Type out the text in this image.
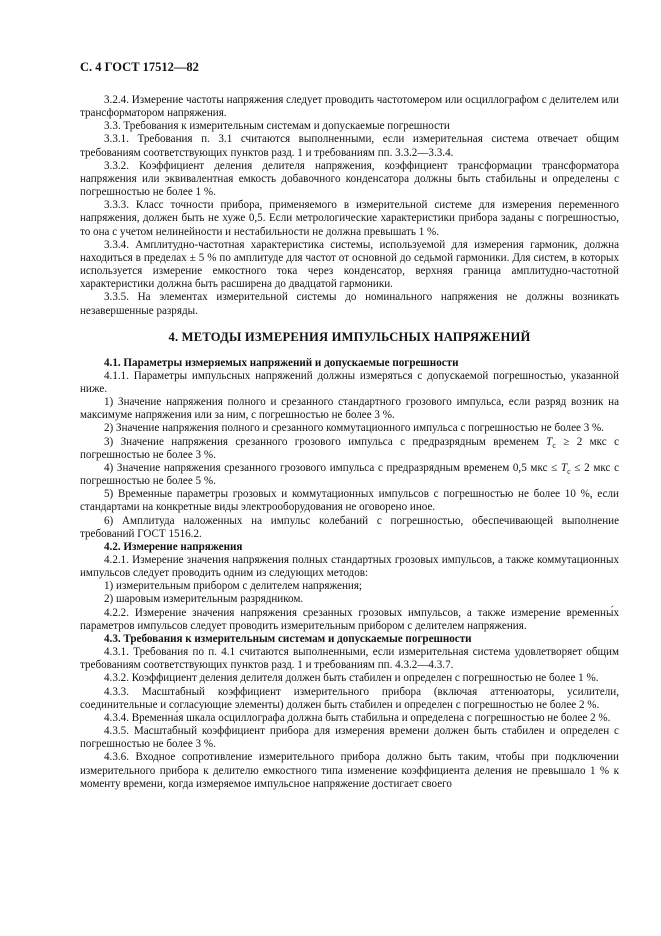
С. 4 ГОСТ 17512—82

3.2.4. Измерение частоты напряжения следует проводить частотомером или осциллографом с делителем или трансформатором напряжения.

3.3. Требования к измерительным системам и допускаемые погрешности

3.3.1. Требования п. 3.1 считаются выполненными, если измерительная система отвечает общим требованиям соответствующих пунктов разд. 1 и требованиям пп. 3.3.2—3.3.4.

3.3.2. Коэффициент деления делителя напряжения, коэффициент трансформации трансформатора напряжения или эквивалентная емкость добавочного конденсатора должны быть стабильны и определены с погрешностью не более 1 %.

3.3.3. Класс точности прибора, применяемого в измерительной системе для измерения переменного напряжения, должен быть не хуже 0,5. Если метрологические характеристики прибора заданы с погрешностью, то она с учетом нелинейности и нестабильности не должна превышать 1 %.

3.3.4. Амплитудно-частотная характеристика системы, используемой для измерения гармоник, должна находиться в пределах ± 5 % по амплитуде для частот от основной до седьмой гармоники. Для систем, в которых используется измерение емкостного тока через конденсатор, верхняя граница амплитудно-частотной характеристики должна быть расширена до двадцатой гармоники.

3.3.5. На элементах измерительной системы до номинального напряжения не должны возникать незавершенные разряды.

4. МЕТОДЫ ИЗМЕРЕНИЯ ИМПУЛЬСНЫХ НАПРЯЖЕНИЙ

4.1. Параметры измеряемых напряжений и допускаемые погрешности

4.1.1. Параметры импульсных напряжений должны измеряться с допускаемой погрешностью, указанной ниже.

1) Значение напряжения полного и срезанного стандартного грозового импульса, если разряд возник на максимуме напряжения или за ним, с погрешностью не более 3 %.

2) Значение напряжения полного и срезанного коммутационного импульса с погрешностью не более 3 %.

3) Значение напряжения срезанного грозового импульса с предразрядным временем $T_c \ge 2$ мкс с погрешностью не более 3 %.

4) Значение напряжения срезанного грозового импульса с предразрядным временем 0,5 мкс ≤ $T_c \le 2$ мкс с погрешностью не более 5 %.

5) Временные параметры грозовых и коммутационных импульсов с погрешностью не более 10 %, если стандартами на конкретные виды электрооборудования не оговорено иное.

6) Амплитуда наложенных на импульс колебаний с погрешностью, обеспечивающей выполнение требований ГОСТ 1516.2.

4.2. Измерение напряжения

4.2.1. Измерение значения напряжения полных стандартных грозовых импульсов, а также коммутационных импульсов следует проводить одним из следующих методов:

1) измерительным прибором с делителем напряжения;

2) шаровым измерительным разрядником.

4.2.2. Измерение значения напряжения срезанных грозовых импульсов, а также измерение временны́х параметров импульсов следует проводить измерительным прибором с делителем напряжения.

4.3. Требования к измерительным системам и допускаемые погрешности

4.3.1. Требования по п. 4.1 считаются выполненными, если измерительная система удовлетворяет общим требованиям соответствующих пунктов разд. 1 и требованиям пп. 4.3.2—4.3.7.

4.3.2. Коэффициент деления делителя должен быть стабилен и определен с погрешностью не более 1 %.

4.3.3. Масштабный коэффициент измерительного прибора (включая аттенюаторы, усилители, соединительные и согласующие элементы) должен быть стабилен и определен с погрешностью не более 2 %.

4.3.4. Временна́я шкала осциллографа должна быть стабильна и определена с погрешностью не более 2 %.

4.3.5. Масштабный коэффициент прибора для измерения времени должен быть стабилен и определен с погрешностью не более 3 %.

4.3.6. Входное сопротивление измерительного прибора должно быть таким, чтобы при подключении измерительного прибора к делителю емкостного типа изменение коэффициента деления не превышало 1 % к моменту времени, когда измеряемое импульсное напряжение достигает своего
